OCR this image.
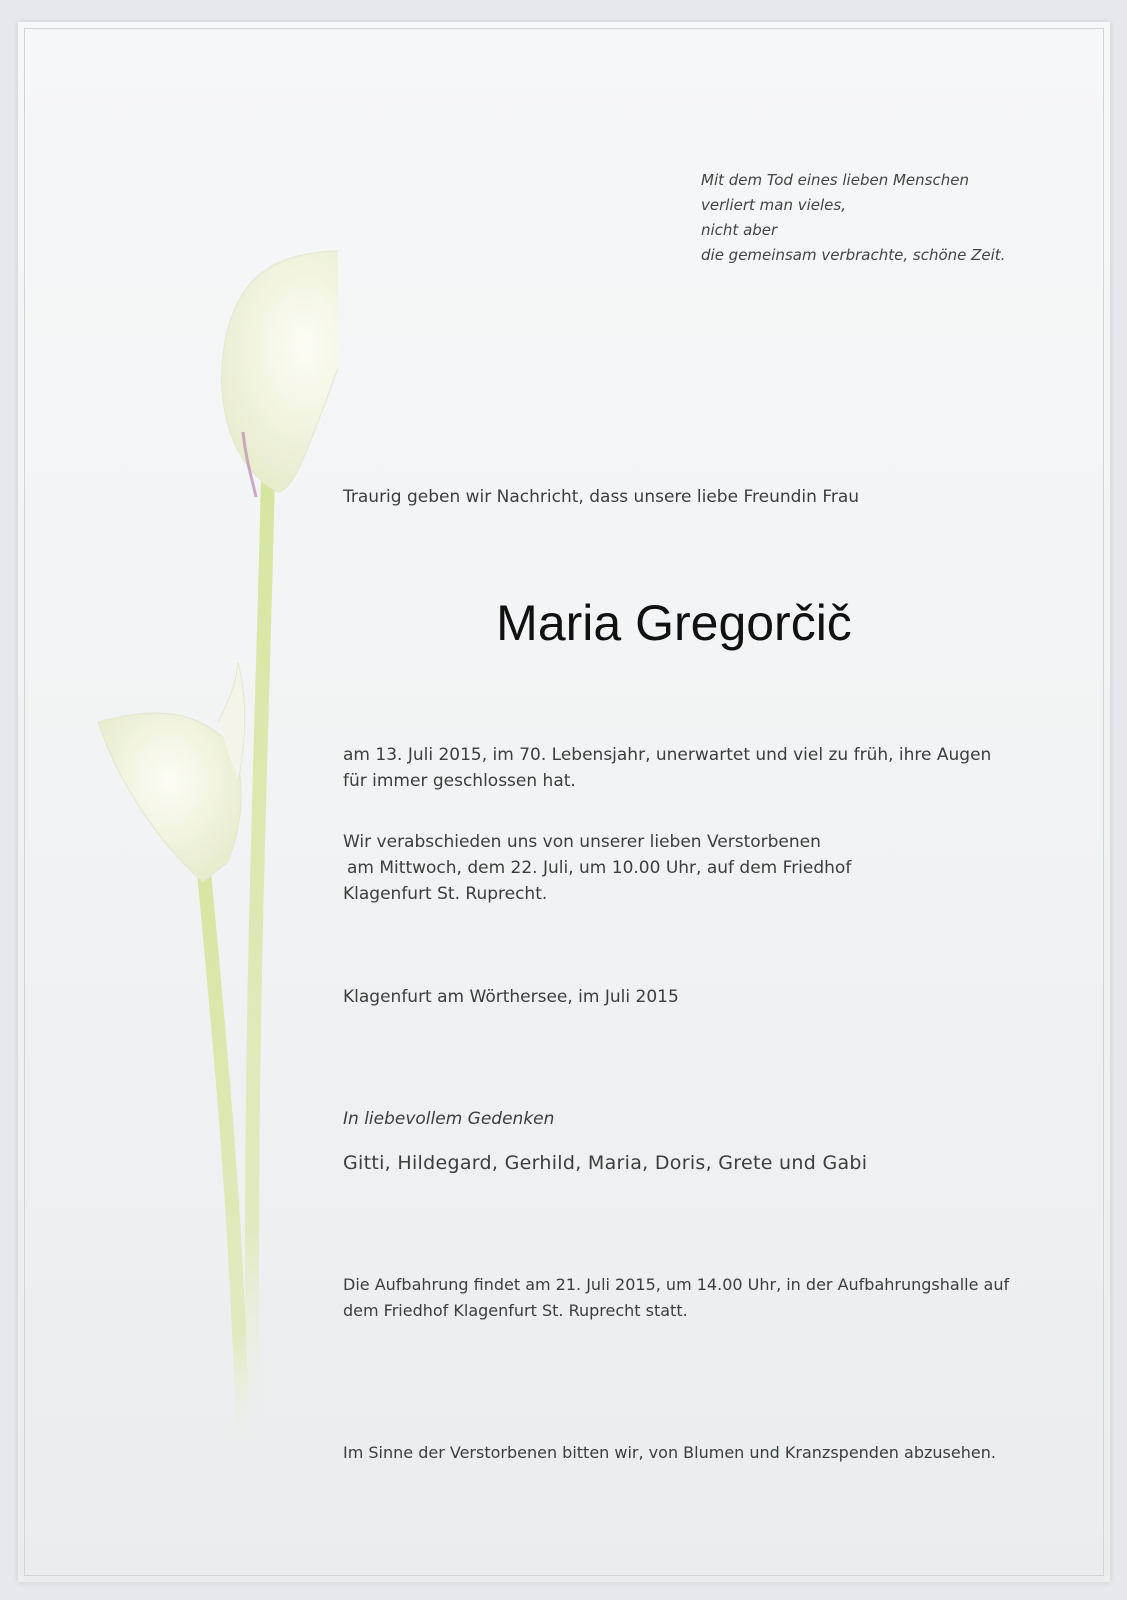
Mit dem Tod eines lieben Menschen
verliert man vieles,
nicht aber
die gemeinsam verbrachte, schöne Zeit.
Traurig geben wir Nachricht, dass unsere liebe Freundin Frau
Maria Gregorčič
am 13. Juli 2015, im 70. Lebensjahr, unerwartet und viel zu früh, ihre Augen
für immer geschlossen hat.
Wir verabschieden uns von unserer lieben Verstorbenen
am Mittwoch, dem 22. Juli, um 10.00 Uhr, auf dem Friedhof
Klagenfurt St. Ruprecht.
Klagenfurt am Wörthersee, im Juli 2015
In liebevollem Gedenken
Gitti, Hildegard, Gerhild, Maria, Doris, Grete und Gabi
Die Aufbahrung findet am 21. Juli 2015, um 14.00 Uhr, in der Aufbahrungshalle auf
dem Friedhof Klagenfurt St. Ruprecht statt.
Im Sinne der Verstorbenen bitten wir, von Blumen und Kranzspenden abzusehen.
